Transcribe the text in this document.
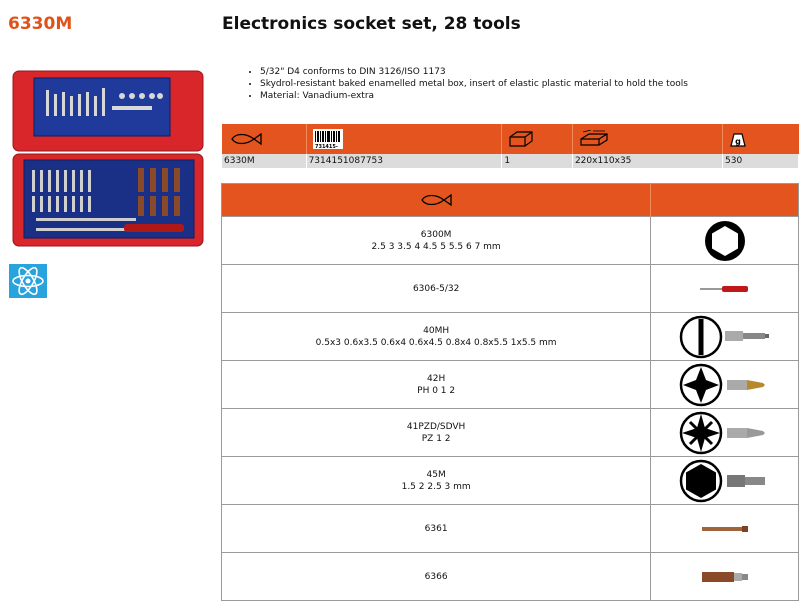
6330M	Electronics socket set, 28 tools
• 5/32" D4 conforms to DIN 3126/ISO 1173
• Skydrol-resistant baked enamelled metal box, insert of elastic plastic material to hold the tools
• Material: Vanadium-extra

731415-			g

6330M	7314151087753	1	220x110x35	530

6300M
2.5 3 3.5 4 4.5 5 5.5 6 7 mm

6306-5/32

40MH
0.5x3 0.6x3.5 0.6x4 0.6x4.5 0.8x4 0.8x5.5 1x5.5 mm

42H
PH 0 1 2

41PZD/SDVH
PZ 1 2

45M
1.5 2 2.5 3 mm

6361

6366
